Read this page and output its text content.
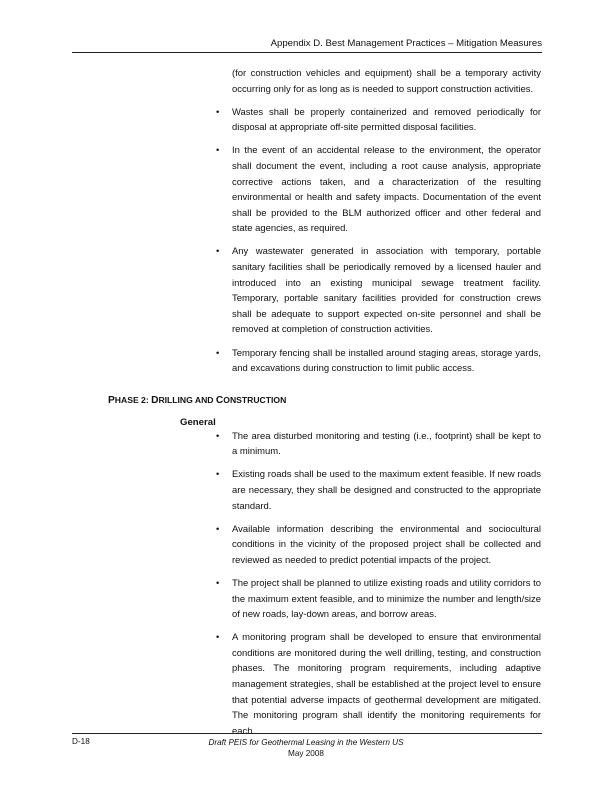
Appendix D. Best Management Practices – Mitigation Measures

(for construction vehicles and equipment) shall be a temporary activity occurring only for as long as is needed to support construction activities.

• Wastes shall be properly containerized and removed periodically for disposal at appropriate off-site permitted disposal facilities.

• In the event of an accidental release to the environment, the operator shall document the event, including a root cause analysis, appropriate corrective actions taken, and a characterization of the resulting environmental or health and safety impacts. Documentation of the event shall be provided to the BLM authorized officer and other federal and state agencies, as required.

• Any wastewater generated in association with temporary, portable sanitary facilities shall be periodically removed by a licensed hauler and introduced into an existing municipal sewage treatment facility. Temporary, portable sanitary facilities provided for construction crews shall be adequate to support expected on-site personnel and shall be removed at completion of construction activities.

• Temporary fencing shall be installed around staging areas, storage yards, and excavations during construction to limit public access.

PHASE 2: DRILLING AND CONSTRUCTION
General
• The area disturbed monitoring and testing (i.e., footprint) shall be kept to a minimum.

• Existing roads shall be used to the maximum extent feasible. If new roads are necessary, they shall be designed and constructed to the appropriate standard.

• Available information describing the environmental and sociocultural conditions in the vicinity of the proposed project shall be collected and reviewed as needed to predict potential impacts of the project.

• The project shall be planned to utilize existing roads and utility corridors to the maximum extent feasible, and to minimize the number and length/size of new roads, lay-down areas, and borrow areas.

• A monitoring program shall be developed to ensure that environmental conditions are monitored during the well drilling, testing, and construction phases. The monitoring program requirements, including adaptive management strategies, shall be established at the project level to ensure that potential adverse impacts of geothermal development are mitigated. The monitoring program shall identify the monitoring requirements for each

D-18	Draft PEIS for Geothermal Leasing in the Western US
May 2008
